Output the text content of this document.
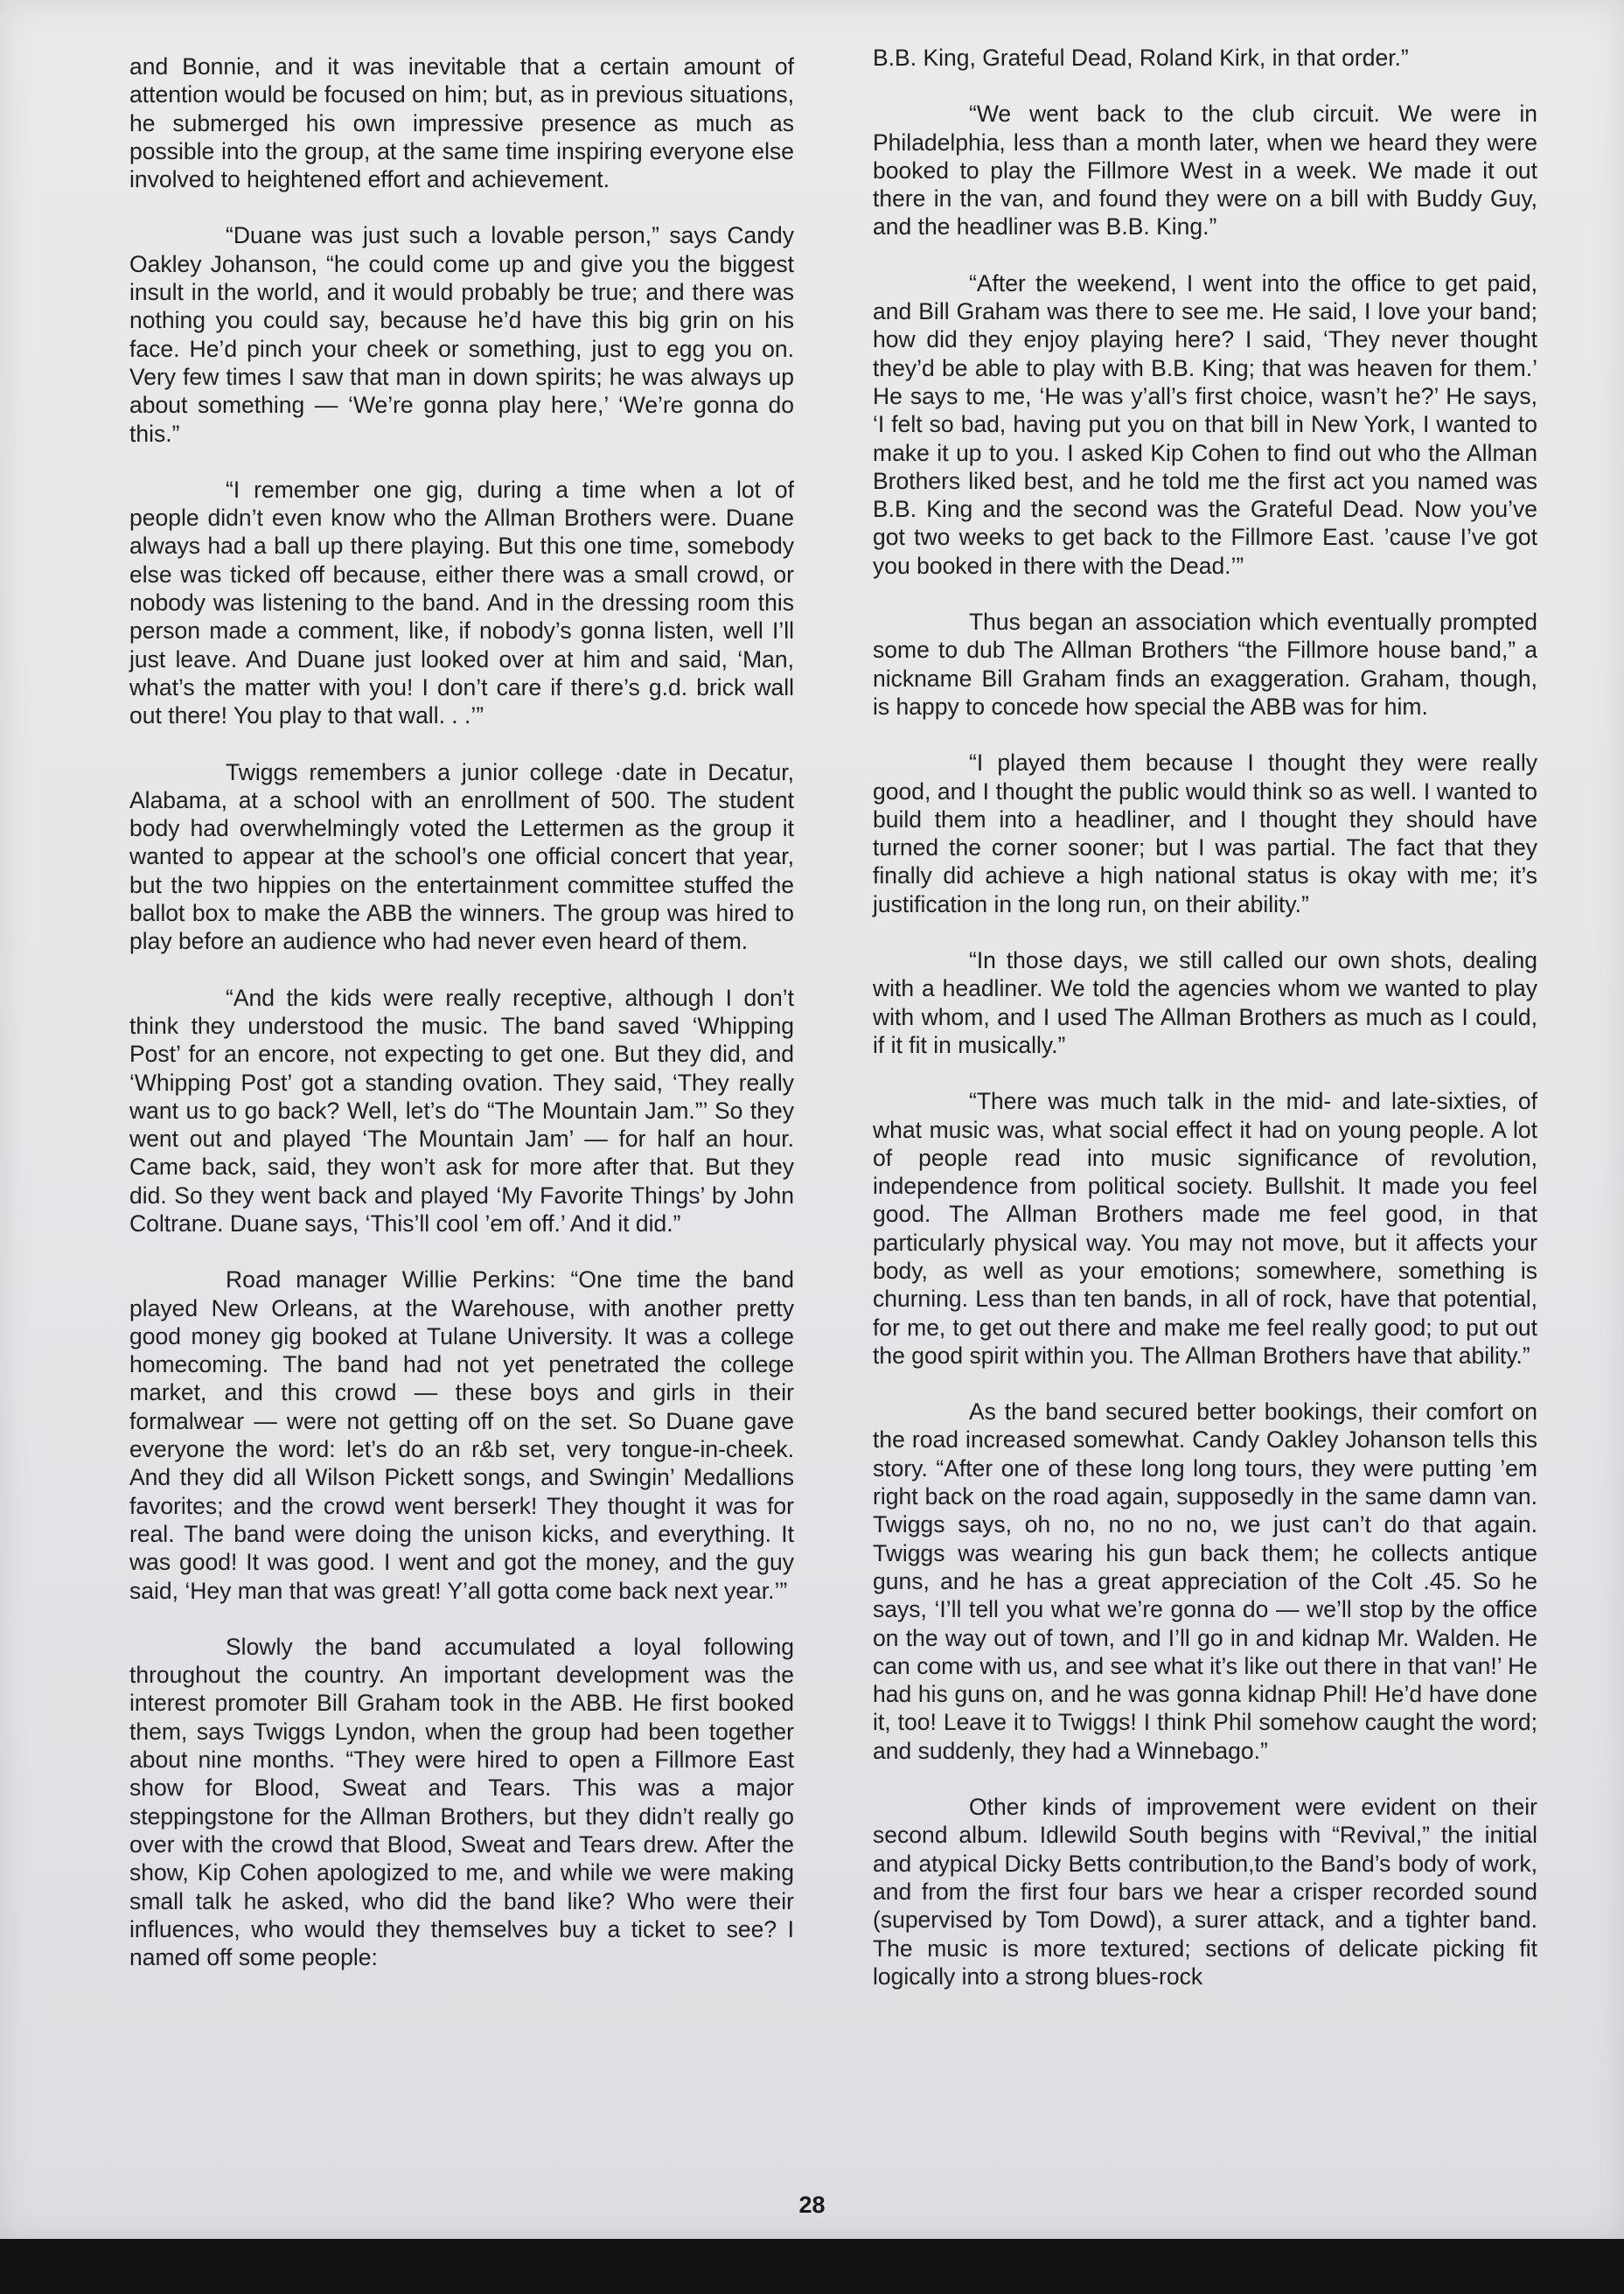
and Bonnie, and it was inevitable that a certain amount of attention would be focused on him; but, as in previous situations, he submerged his own impressive presence as much as possible into the group, at the same time inspiring everyone else involved to heightened effort and achievement.

“Duane was just such a lovable person,” says Candy Oakley Johanson, “he could come up and give you the biggest insult in the world, and it would probably be true; and there was nothing you could say, because he’d have this big grin on his face. He’d pinch your cheek or something, just to egg you on. Very few times I saw that man in down spirits; he was always up about something — ‘We’re gonna play here,’ ‘We’re gonna do this.”

“I remember one gig, during a time when a lot of people didn’t even know who the Allman Brothers were. Duane always had a ball up there playing. But this one time, somebody else was ticked off because, either there was a small crowd, or nobody was listening to the band. And in the dressing room this person made a comment, like, if nobody’s gonna listen, well I’ll just leave. And Duane just looked over at him and said, ‘Man, what’s the matter with you! I don’t care if there’s g.d. brick wall out there! You play to that wall. . .’”

Twiggs remembers a junior college ·date in Decatur, Alabama, at a school with an enrollment of 500. The student body had overwhelmingly voted the Lettermen as the group it wanted to appear at the school’s one official concert that year, but the two hippies on the entertainment committee stuffed the ballot box to make the ABB the winners. The group was hired to play before an audience who had never even heard of them.

“And the kids were really receptive, although I don’t think they understood the music. The band saved ‘Whipping Post’ for an encore, not expecting to get one. But they did, and ‘Whipping Post’ got a standing ovation. They said, ‘They really want us to go back? Well, let’s do “The Mountain Jam.”’ So they went out and played ‘The Mountain Jam’ — for half an hour. Came back, said, they won’t ask for more after that. But they did. So they went back and played ‘My Favorite Things’ by John Coltrane. Duane says, ‘This’ll cool ’em off.’ And it did.”

Road manager Willie Perkins: “One time the band played New Orleans, at the Warehouse, with another pretty good money gig booked at Tulane University. It was a college homecoming. The band had not yet penetrated the college market, and this crowd — these boys and girls in their formalwear — were not getting off on the set. So Duane gave everyone the word: let’s do an r&b set, very tongue-in-cheek. And they did all Wilson Pickett songs, and Swingin’ Medallions favorites; and the crowd went berserk! They thought it was for real. The band were doing the unison kicks, and everything. It was good! It was good. I went and got the money, and the guy said, ‘Hey man that was great! Y’all gotta come back next year.’”

Slowly the band accumulated a loyal following throughout the country. An important development was the interest promoter Bill Graham took in the ABB. He first booked them, says Twiggs Lyndon, when the group had been together about nine months. “They were hired to open a Fillmore East show for Blood, Sweat and Tears. This was a major steppingstone for the Allman Brothers, but they didn’t really go over with the crowd that Blood, Sweat and Tears drew. After the show, Kip Cohen apologized to me, and while we were making small talk he asked, who did the band like? Who were their influences, who would they themselves buy a ticket to see? I named off some people:

B.B. King, Grateful Dead, Roland Kirk, in that order.”

“We went back to the club circuit. We were in Philadelphia, less than a month later, when we heard they were booked to play the Fillmore West in a week. We made it out there in the van, and found they were on a bill with Buddy Guy, and the headliner was B.B. King.”

“After the weekend, I went into the office to get paid, and Bill Graham was there to see me. He said, I love your band; how did they enjoy playing here? I said, ‘They never thought they’d be able to play with B.B. King; that was heaven for them.’ He says to me, ‘He was y’all’s first choice, wasn’t he?’ He says, ‘I felt so bad, having put you on that bill in New York, I wanted to make it up to you. I asked Kip Cohen to find out who the Allman Brothers liked best, and he told me the first act you named was B.B. King and the second was the Grateful Dead. Now you’ve got two weeks to get back to the Fillmore East. ’cause I’ve got you booked in there with the Dead.’”

Thus began an association which eventually prompted some to dub The Allman Brothers “the Fillmore house band,” a nickname Bill Graham finds an exaggeration. Graham, though, is happy to concede how special the ABB was for him.

“I played them because I thought they were really good, and I thought the public would think so as well. I wanted to build them into a headliner, and I thought they should have turned the corner sooner; but I was partial. The fact that they finally did achieve a high national status is okay with me; it’s justification in the long run, on their ability.”

“In those days, we still called our own shots, dealing with a headliner. We told the agencies whom we wanted to play with whom, and I used The Allman Brothers as much as I could, if it fit in musically.”

“There was much talk in the mid- and late-sixties, of what music was, what social effect it had on young people. A lot of people read into music significance of revolution, independence from political society. Bullshit. It made you feel good. The Allman Brothers made me feel good, in that particularly physical way. You may not move, but it affects your body, as well as your emotions; somewhere, something is churning. Less than ten bands, in all of rock, have that potential, for me, to get out there and make me feel really good; to put out the good spirit within you. The Allman Brothers have that ability.”

As the band secured better bookings, their comfort on the road increased somewhat. Candy Oakley Johanson tells this story. “After one of these long long tours, they were putting ’em right back on the road again, supposedly in the same damn van. Twiggs says, oh no, no no no, we just can’t do that again. Twiggs was wearing his gun back them; he collects antique guns, and he has a great appreciation of the Colt .45. So he says, ‘I’ll tell you what we’re gonna do — we’ll stop by the office on the way out of town, and I’ll go in and kidnap Mr. Walden. He can come with us, and see what it’s like out there in that van!’ He had his guns on, and he was gonna kidnap Phil! He’d have done it, too! Leave it to Twiggs! I think Phil somehow caught the word; and suddenly, they had a Winnebago.”

Other kinds of improvement were evident on their second album. Idlewild South begins with “Revival,” the initial and atypical Dicky Betts contribution,to the Band’s body of work, and from the first four bars we hear a crisper recorded sound (supervised by Tom Dowd), a surer attack, and a tighter band. The music is more textured; sections of delicate picking fit logically into a strong blues-rock

28
